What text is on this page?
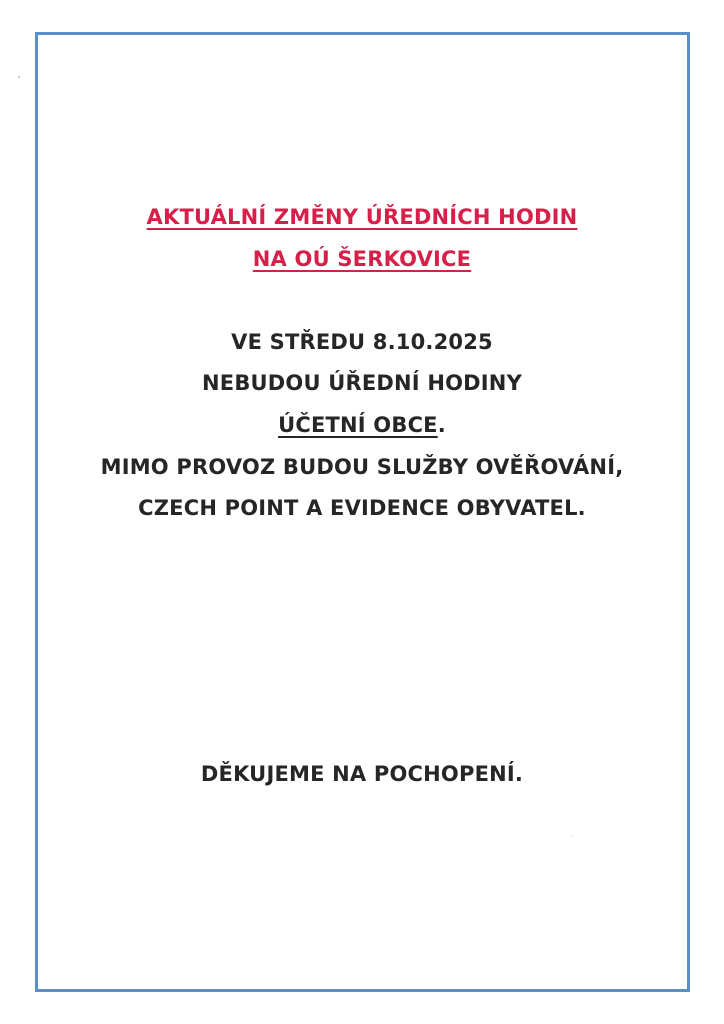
AKTUÁLNÍ ZMĚNY ÚŘEDNÍCH HODIN
NA OÚ ŠERKOVICE
VE STŘEDU 8.10.2025
NEBUDOU ÚŘEDNÍ HODINY
ÚČETNÍ OBCE.
MIMO PROVOZ BUDOU SLUŽBY OVĚŘOVÁNÍ,
CZECH POINT A EVIDENCE OBYVATEL.
DĚKUJEME NA POCHOPENÍ.
